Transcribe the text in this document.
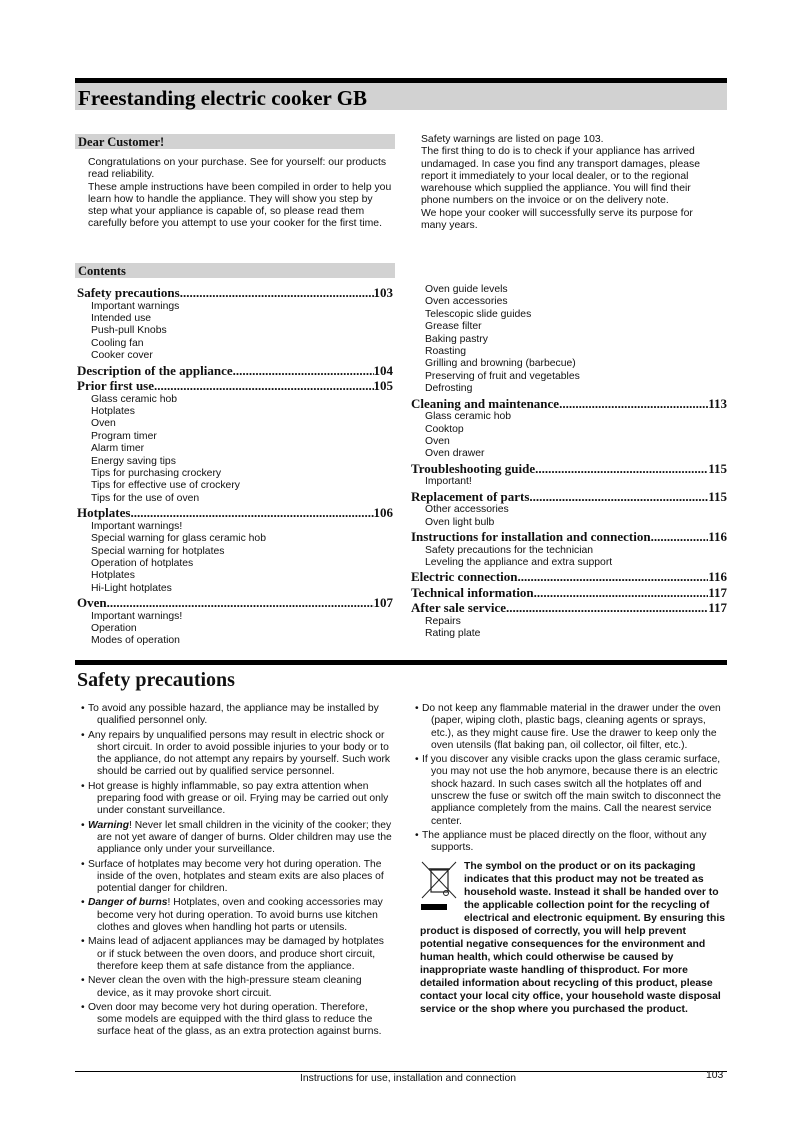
Freestanding electric cooker GB
Dear Customer!
Congratulations on your purchase. See for yourself: our products read reliability.
These ample instructions have been compiled in order to help you learn how to handle the appliance. They will show you step by step what your appliance is capable of, so please read them carefully before you attempt to use your cooker for the first time.
Safety warnings are listed on page 103.
The first thing to do is to check if your appliance has arrived undamaged. In case you find any transport damages, please report it immediately to your local dealer, or to the regional warehouse which supplied the appliance. You will find their phone numbers on the invoice or on the delivery note.
We hope your cooker will successfully serve its purpose for many years.
Contents
Safety precautions .....	103
Important warnings
Intended use
Push-pull Knobs
Cooling fan
Cooker cover
Description of the appliance .....	104
Prior first use .....	105
Glass ceramic hob
Hotplates
Oven
Program timer
Alarm timer
Energy saving tips
Tips for purchasing crockery
Tips for effective use of crockery
Tips for the use of oven
Hotplates .....	106
Important warnings!
Special warning for glass ceramic hob
Special warning for hotplates
Operation of hotplates
Hotplates
Hi-Light hotplates
Oven .....	107
Important warnings!
Operation
Modes of operation
Oven guide levels
Oven accessories
Telescopic slide guides
Grease filter
Baking pastry
Roasting
Grilling and browning (barbecue)
Preserving of fruit and vegetables
Defrosting
Cleaning and maintenance .....	113
Glass ceramic hob
Cooktop
Oven
Oven drawer
Troubleshooting guide .....	115
Important!
Replacement of parts .....	115
Other accessories
Oven light bulb
Instructions for installation and connection .....	116
Safety precautions for the technician
Leveling the appliance and extra support
Electric connection .....	116
Technical information .....	117
After sale service .....	117
Repairs
Rating plate
Safety precautions
• To avoid any possible hazard, the appliance may be installed by qualified personnel only.
• Any repairs by unqualified persons may result in electric shock or short circuit. In order to avoid possible injuries to your body or to the appliance, do not attempt any repairs by yourself. Such work should be carried out by qualified service personnel.
• Hot grease is highly inflammable, so pay extra attention when preparing food with grease or oil. Frying may be carried out only under constant surveillance.
• Warning! Never let small children in the vicinity of the cooker; they are not yet aware of danger of burns. Older children may use the appliance only under your surveillance.
• Surface of hotplates may become very hot during operation. The inside of the oven, hotplates and steam exits are also places of potential danger for children.
• Danger of burns! Hotplates, oven and cooking accessories may become very hot during operation. To avoid burns use kitchen clothes and gloves when handling hot parts or utensils.
• Mains lead of adjacent appliances may be damaged by hotplates or if stuck between the oven doors, and produce short circuit, therefore keep them at safe distance from the appliance.
• Never clean the oven with the high-pressure steam cleaning device, as it may provoke short circuit.
• Oven door may become very hot during operation. Therefore, some models are equipped with the third glass to reduce the surface heat of the glass, as an extra protection against burns.
• Do not keep any flammable material in the drawer under the oven (paper, wiping cloth, plastic bags, cleaning agents or sprays, etc.), as they might cause fire. Use the drawer to keep only the oven utensils (flat baking pan, oil collector, oil filter, etc.).
• If you discover any visible cracks upon the glass ceramic surface, you may not use the hob anymore, because there is an electric shock hazard. In such cases switch all the hotplates off and unscrew the fuse or switch off the main switch to disconnect the appliance completely from the mains. Call the nearest service center.
• The appliance must be placed directly on the floor, without any supports.
The symbol on the product or on its packaging indicates that this product may not be treated as household waste. Instead it shall be handed over to the applicable collection point for the recycling of electrical and electronic equipment. By ensuring this product is disposed of correctly, you will help prevent potential negative consequences for the environment and human health, which could otherwise be caused by inappropriate waste handling of thisproduct. For more detailed information about recycling of this product, please contact your local city office, your household waste disposal service or the shop where you purchased the product.
Instructions for use, installation and connection	103
